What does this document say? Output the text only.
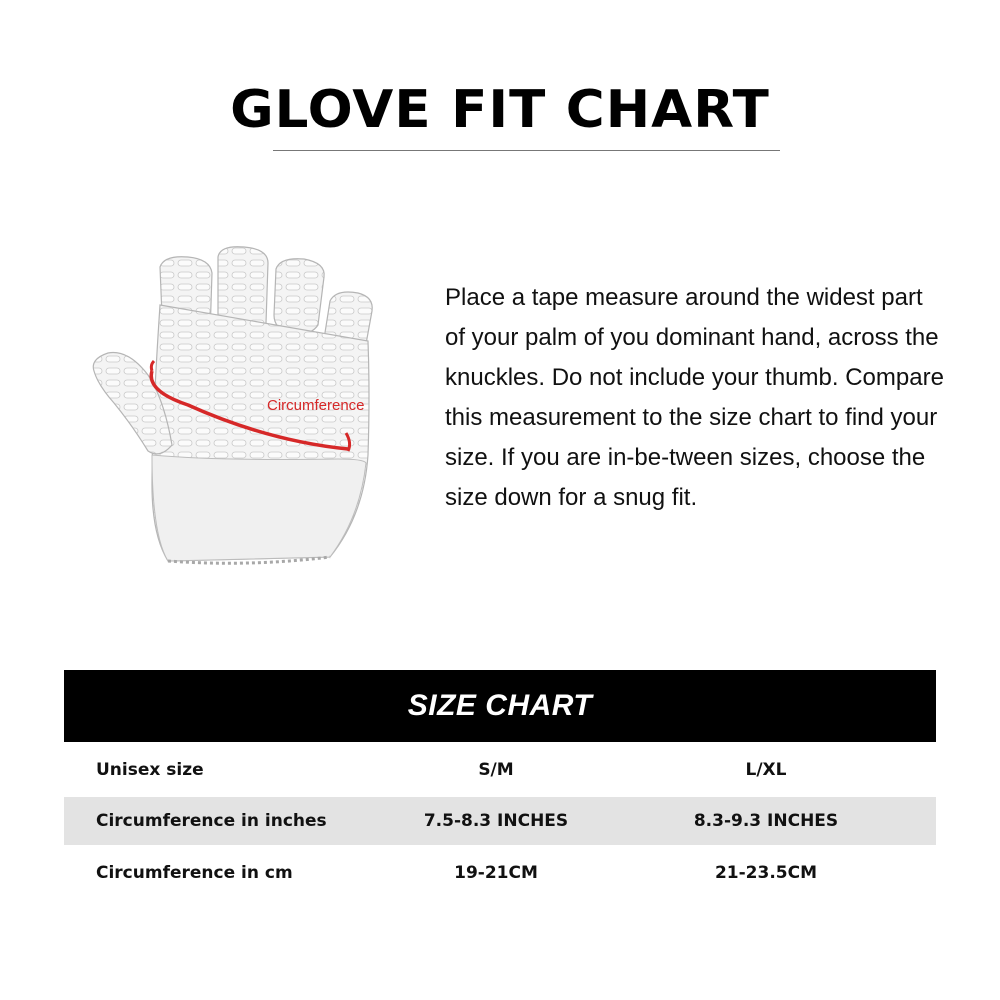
GLOVE FIT CHART
Circumference
Place a tape measure around the widest part of your palm of you dominant hand, across the knuckles. Do not include your thumb. Compare this measurement to the size chart to find your size. If you are in-be-tween sizes, choose the size down for a snug fit.
SIZE CHART
Unisex size	S/M	L/XL
Circumference in inches	7.5-8.3 INCHES	8.3-9.3 INCHES
Circumference in cm	19-21CM	21-23.5CM
